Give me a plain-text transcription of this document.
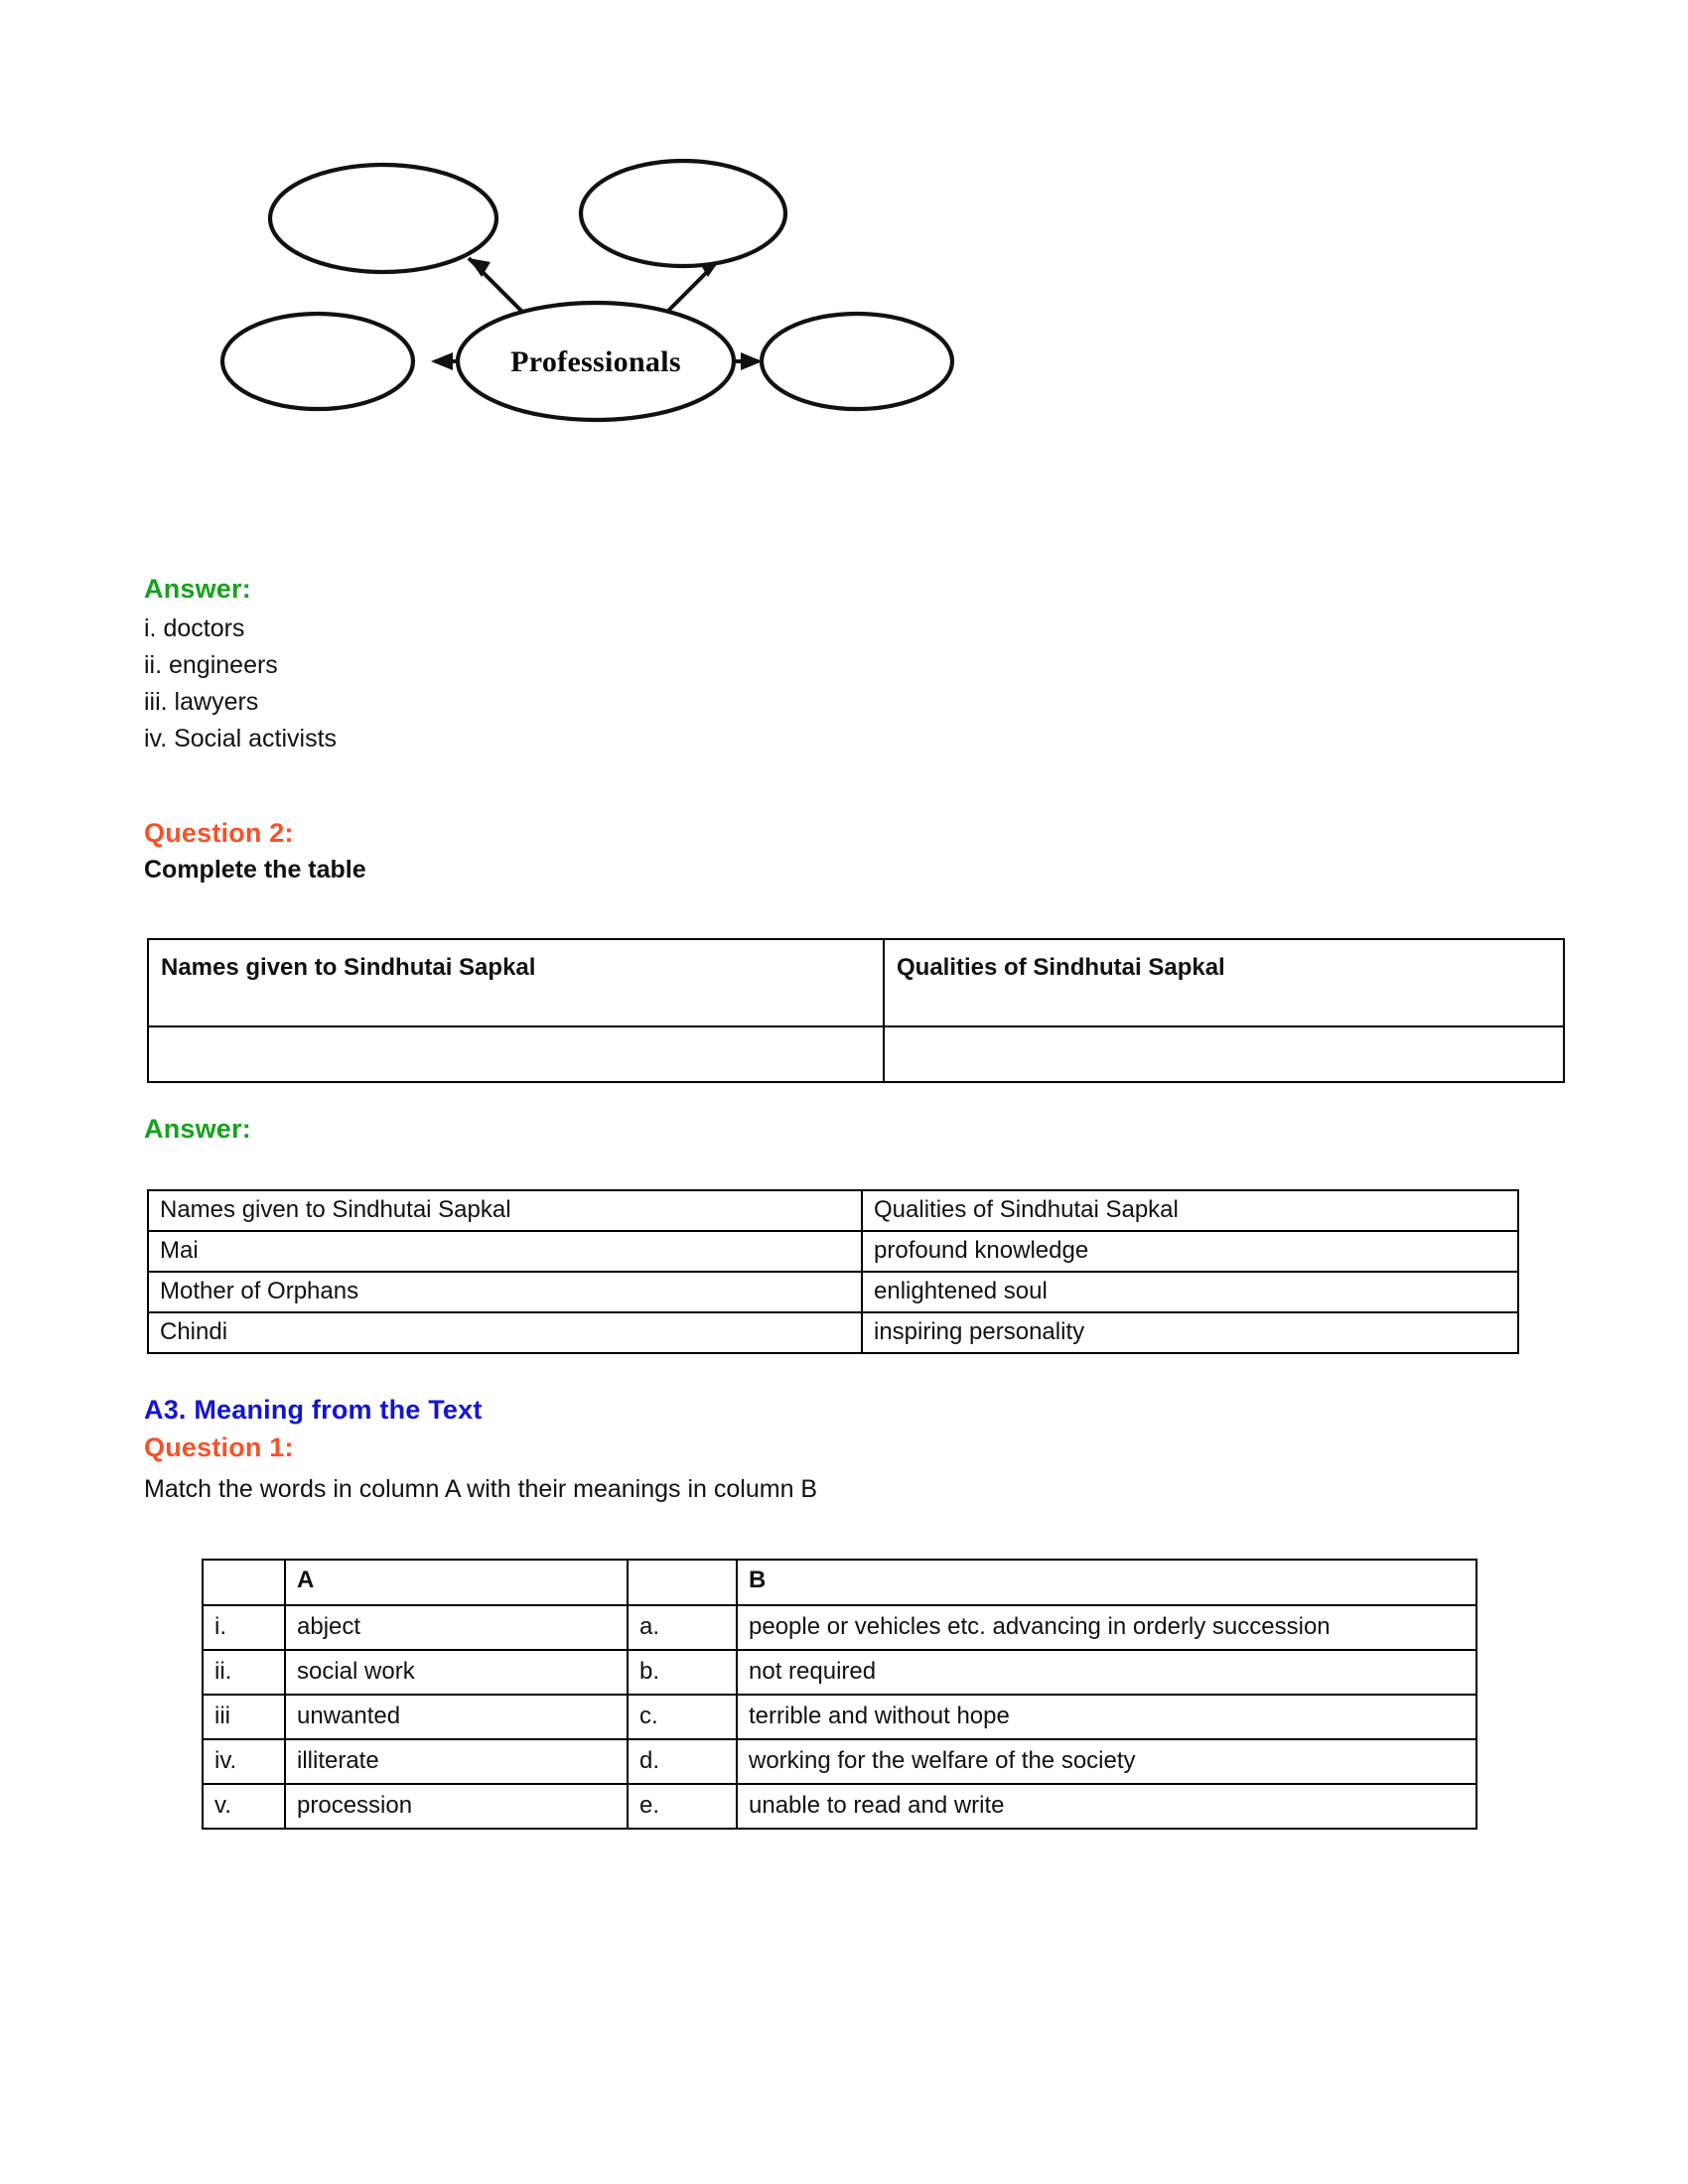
Professionals
Answer:
i. doctors
ii. engineers
iii. lawyers
iv. Social activists
Question 2:
Complete the table
Names given to Sindhutai Sapkal	Qualities of Sindhutai Sapkal

Answer:
Names given to Sindhutai Sapkal	Qualities of Sindhutai Sapkal
Mai	profound knowledge
Mother of Orphans	enlightened soul
Chindi	inspiring personality
A3. Meaning from the Text
Question 1:
Match the words in column A with their meanings in column B
	A		B
i.	abject	a.	people or vehicles etc. advancing in orderly succession
ii.	social work	b.	not required
iii	unwanted	c.	terrible and without hope
iv.	illiterate	d.	working for the welfare of the society
v.	procession	e.	unable to read and write
